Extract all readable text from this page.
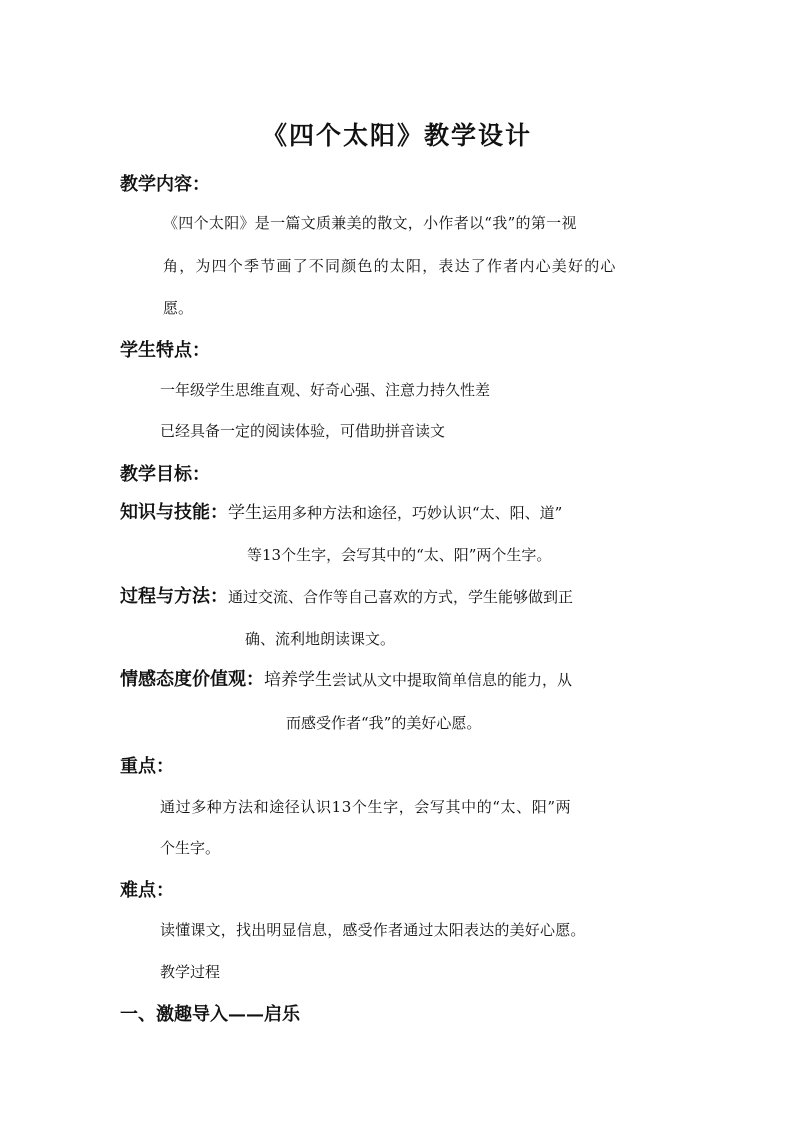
《四个太阳》教学设计
教学内容：
《四个太阳》是一篇文质兼美的散文，小作者以“我”的第一视
角，为四个季节画了不同颜色的太阳，表达了作者内心美好的心
愿。
学生特点：
一年级学生思维直观、好奇心强、注意力持久性差
已经具备一定的阅读体验，可借助拼音读文
教学目标：
知识与技能：学生运用多种方法和途径，巧妙认识“太、阳、道”
等13个生字，会写其中的“太、阳”两个生字。
过程与方法：通过交流、合作等自己喜欢的方式，学生能够做到正
确、流利地朗读课文。
情感态度价值观：培养学生尝试从文中提取简单信息的能力，从
而感受作者“我”的美好心愿。
重点：
通过多种方法和途径认识13个生字，会写其中的“太、阳”两
个生字。
难点：
读懂课文，找出明显信息，感受作者通过太阳表达的美好心愿。
教学过程
一、激趣导入——启乐
